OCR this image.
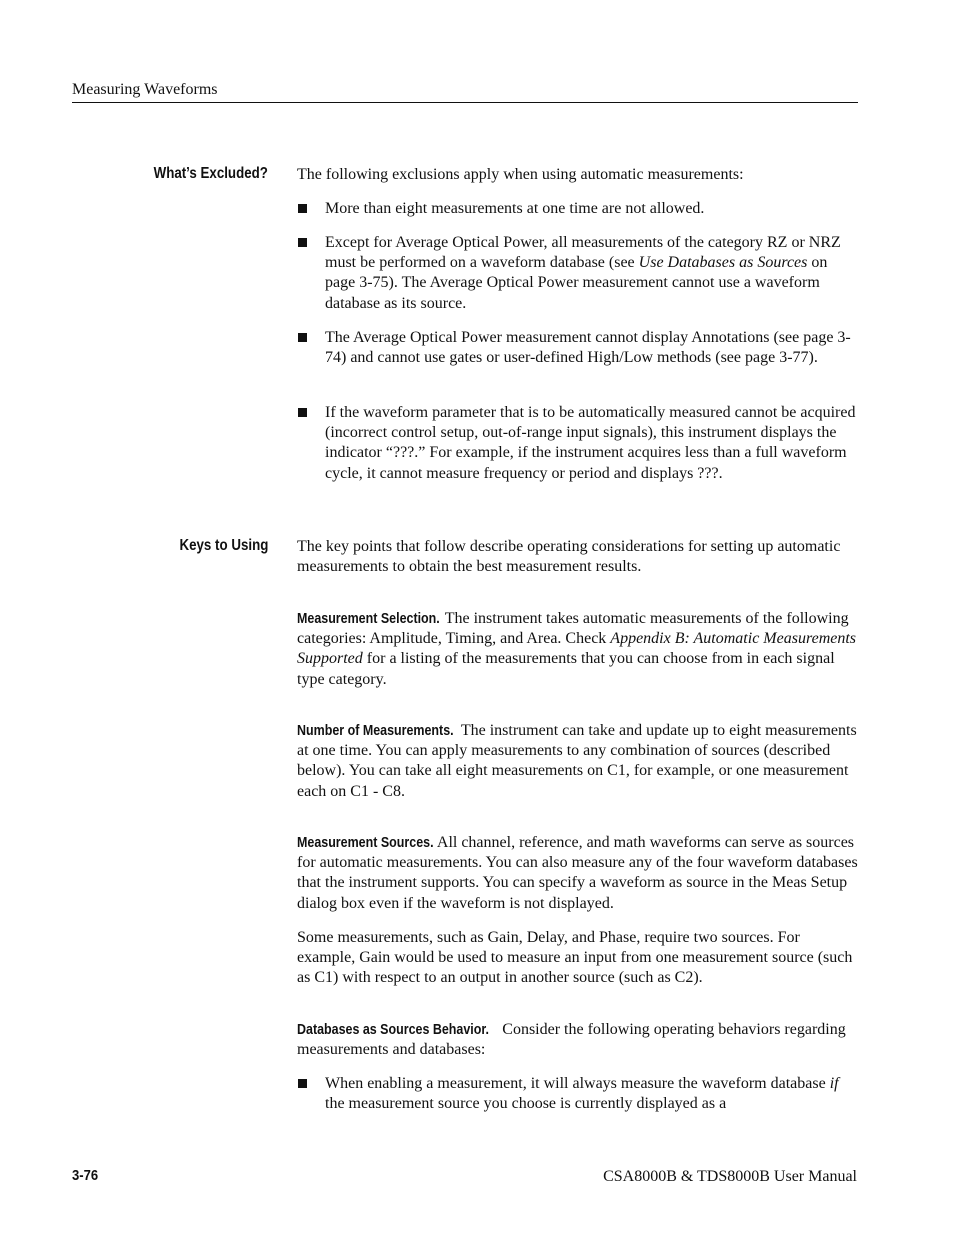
Measuring Waveforms
What’s Excluded? The following exclusions apply when using automatic measurements:

More than eight measurements at one time are not allowed.
Except for Average Optical Power, all measurements of the category RZ or NRZ must be performed on a waveform database (see Use Databases as Sources on page 3-75). The Average Optical Power measurement cannot use a waveform database as its source.
The Average Optical Power measurement cannot display Annotations (see page 3-74) and cannot use gates or user-defined High/Low methods (see page 3-77).
If the waveform parameter that is to be automatically measured cannot be acquired (incorrect control setup, out-of-range input signals), this instrument displays the indicator “???.” For example, if the instrument acquires less than a full waveform cycle, it cannot measure frequency or period and displays ???.
Keys to Using The key points that follow describe operating considerations for setting up automatic measurements to obtain the best measurement results.

Measurement Selection. The instrument takes automatic measurements of the following categories: Amplitude, Timing, and Area. Check Appendix B: Automatic Measurements Supported for a listing of the measurements that you can choose from in each signal type category.

Number of Measurements. The instrument can take and update up to eight measurements at one time. You can apply measurements to any combination of sources (described below). You can take all eight measurements on C1, for example, or one measurement each on C1 - C8.

Measurement Sources. All channel, reference, and math waveforms can serve as sources for automatic measurements. You can also measure any of the four waveform databases that the instrument supports. You can specify a waveform as source in the Meas Setup dialog box even if the waveform is not displayed.

Some measurements, such as Gain, Delay, and Phase, require two sources. For example, Gain would be used to measure an input from one measurement source (such as C1) with respect to an output in another source (such as C2).

Databases as Sources Behavior. Consider the following operating behaviors regarding measurements and databases:

When enabling a measurement, it will always measure the waveform database if the measurement source you choose is currently displayed as a
3-76	CSA8000B & TDS8000B User Manual
